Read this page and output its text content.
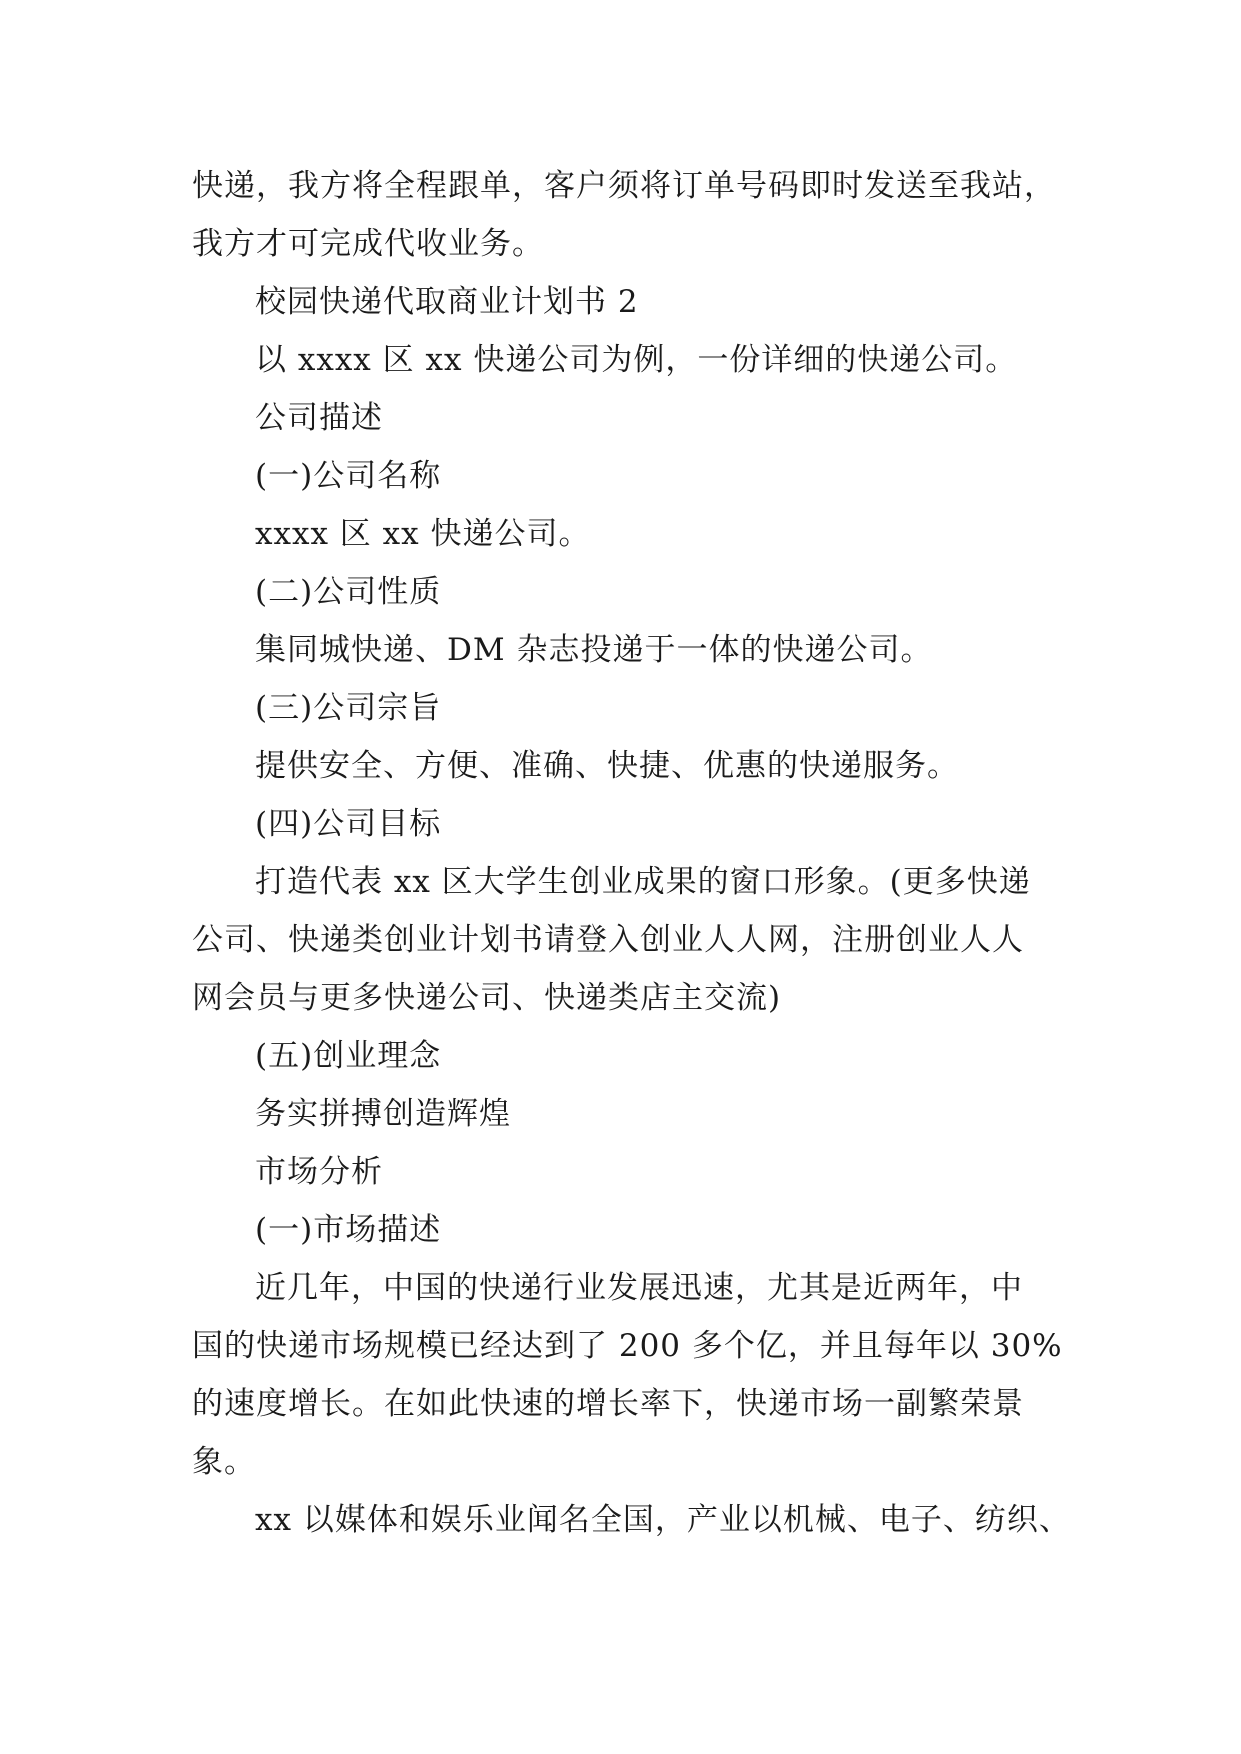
快递，我方将全程跟单，客户须将订单号码即时发送至我站，
我方才可完成代收业务。
校园快递代取商业计划书 2
以 xxxx 区 xx 快递公司为例，一份详细的快递公司。
公司描述
(一)公司名称
xxxx 区 xx 快递公司。
(二)公司性质
集同城快递、DM 杂志投递于一体的快递公司。
(三)公司宗旨
提供安全、方便、准确、快捷、优惠的快递服务。
(四)公司目标
打造代表 xx 区大学生创业成果的窗口形象。(更多快递
公司、快递类创业计划书请登入创业人人网，注册创业人人
网会员与更多快递公司、快递类店主交流)
(五)创业理念
务实拼搏创造辉煌
市场分析
(一)市场描述
近几年，中国的快递行业发展迅速，尤其是近两年，中
国的快递市场规模已经达到了 200 多个亿，并且每年以 30%
的速度增长。在如此快速的增长率下，快递市场一副繁荣景
象。
xx 以媒体和娱乐业闻名全国，产业以机械、电子、纺织、
